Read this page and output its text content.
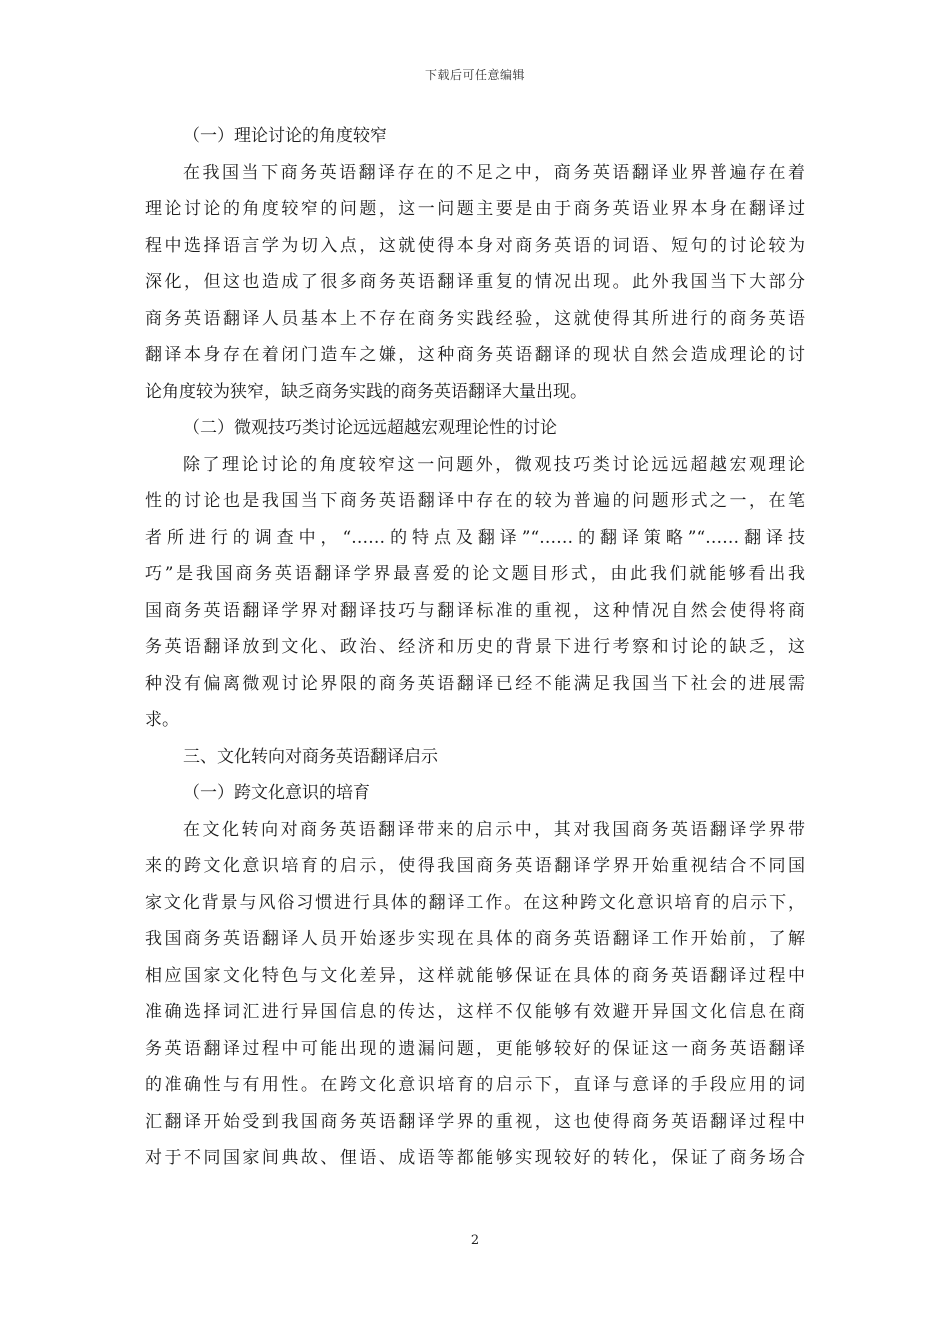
下载后可任意编辑
（一）理论讨论的角度较窄
在我国当下商务英语翻译存在的不足之中，商务英语翻译业界普遍存在着
理论讨论的角度较窄的问题，这一问题主要是由于商务英语业界本身在翻译过
程中选择语言学为切入点，这就使得本身对商务英语的词语、短句的讨论较为
深化，但这也造成了很多商务英语翻译重复的情况出现。此外我国当下大部分
商务英语翻译人员基本上不存在商务实践经验，这就使得其所进行的商务英语
翻译本身存在着闭门造车之嫌，这种商务英语翻译的现状自然会造成理论的讨
论角度较为狭窄，缺乏商务实践的商务英语翻译大量出现。
（二）微观技巧类讨论远远超越宏观理论性的讨论
除了理论讨论的角度较窄这一问题外，微观技巧类讨论远远超越宏观理论
性的讨论也是我国当下商务英语翻译中存在的较为普遍的问题形式之一，在笔
者所进行的调查中，“……的特点及翻译”“……的翻译策略”“……翻译技
巧”是我国商务英语翻译学界最喜爱的论文题目形式，由此我们就能够看出我
国商务英语翻译学界对翻译技巧与翻译标准的重视，这种情况自然会使得将商
务英语翻译放到文化、政治、经济和历史的背景下进行考察和讨论的缺乏，这
种没有偏离微观讨论界限的商务英语翻译已经不能满足我国当下社会的进展需
求。
三、文化转向对商务英语翻译启示
（一）跨文化意识的培育
在文化转向对商务英语翻译带来的启示中，其对我国商务英语翻译学界带
来的跨文化意识培育的启示，使得我国商务英语翻译学界开始重视结合不同国
家文化背景与风俗习惯进行具体的翻译工作。在这种跨文化意识培育的启示下，
我国商务英语翻译人员开始逐步实现在具体的商务英语翻译工作开始前，了解
相应国家文化特色与文化差异，这样就能够保证在具体的商务英语翻译过程中
准确选择词汇进行异国信息的传达，这样不仅能够有效避开异国文化信息在商
务英语翻译过程中可能出现的遗漏问题，更能够较好的保证这一商务英语翻译
的准确性与有用性。在跨文化意识培育的启示下，直译与意译的手段应用的词
汇翻译开始受到我国商务英语翻译学界的重视，这也使得商务英语翻译过程中
对于不同国家间典故、俚语、成语等都能够实现较好的转化，保证了商务场合
2
